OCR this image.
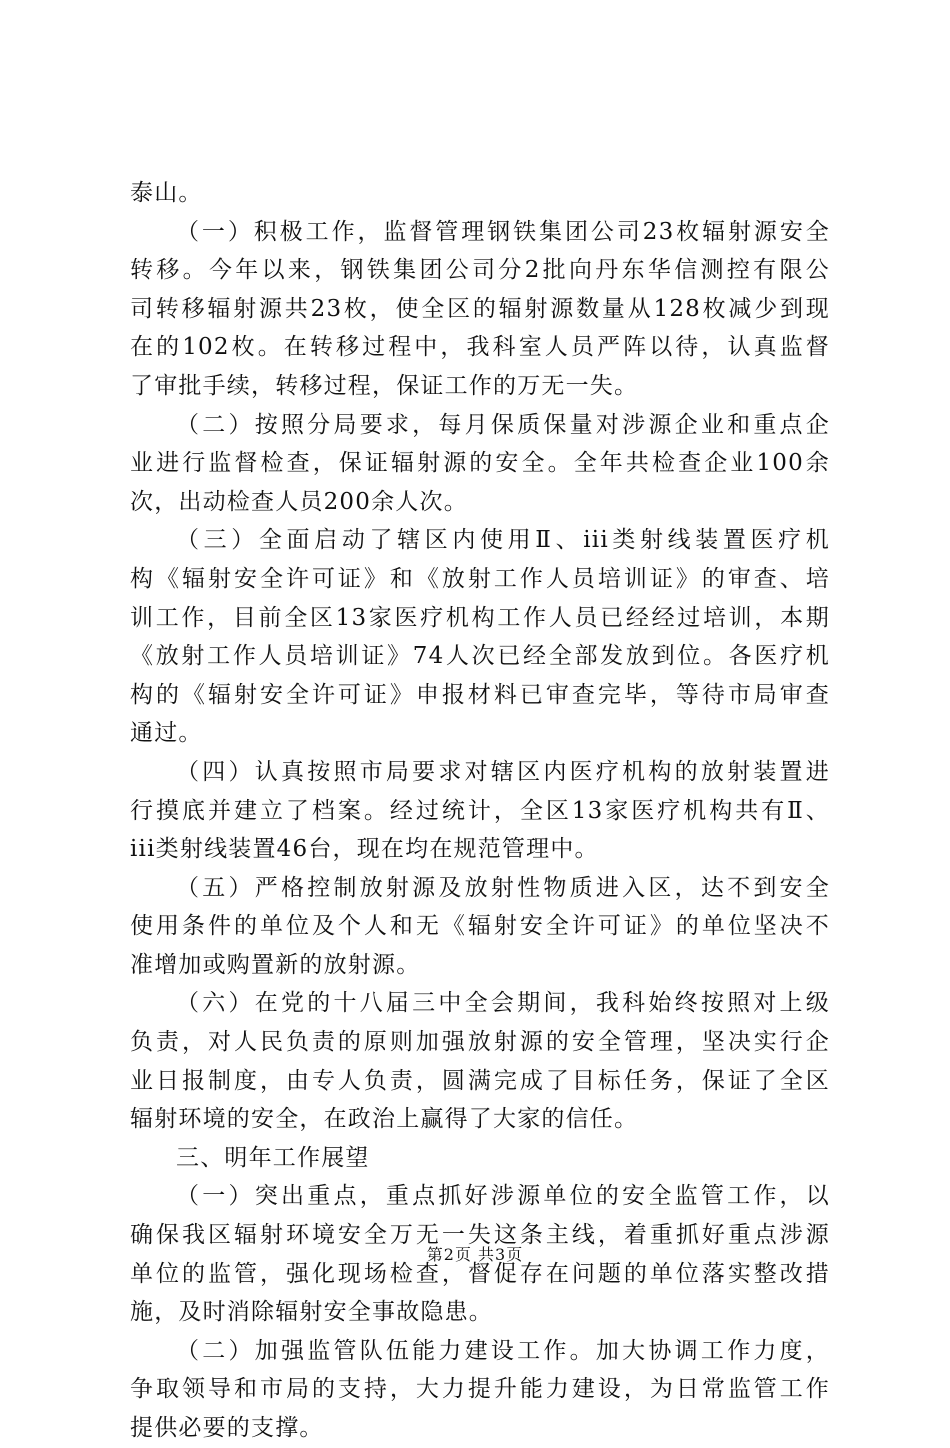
泰山。
（一）积极工作，监督管理钢铁集团公司23枚辐射源安全
转移。今年以来，钢铁集团公司分2批向丹东华信测控有限公
司转移辐射源共23枚，使全区的辐射源数量从128枚减少到现
在的102枚。在转移过程中，我科室人员严阵以待，认真监督
了审批手续，转移过程，保证工作的万无一失。
（二）按照分局要求，每月保质保量对涉源企业和重点企
业进行监督检查，保证辐射源的安全。全年共检查企业100余
次，出动检查人员200余人次。
（三）全面启动了辖区内使用Ⅱ、iii类射线装置医疗机
构《辐射安全许可证》和《放射工作人员培训证》的审查、培
训工作，目前全区13家医疗机构工作人员已经经过培训，本期
《放射工作人员培训证》74人次已经全部发放到位。各医疗机
构的《辐射安全许可证》申报材料已审查完毕，等待市局审查
通过。
（四）认真按照市局要求对辖区内医疗机构的放射装置进
行摸底并建立了档案。经过统计，全区13家医疗机构共有Ⅱ、
iii类射线装置46台，现在均在规范管理中。
（五）严格控制放射源及放射性物质进入区，达不到安全
使用条件的单位及个人和无《辐射安全许可证》的单位坚决不
准增加或购置新的放射源。
（六）在党的十八届三中全会期间，我科始终按照对上级
负责，对人民负责的原则加强放射源的安全管理，坚决实行企
业日报制度，由专人负责，圆满完成了目标任务，保证了全区
辐射环境的安全，在政治上赢得了大家的信任。
三、明年工作展望
（一）突出重点，重点抓好涉源单位的安全监管工作，以
确保我区辐射环境安全万无一失这条主线，着重抓好重点涉源
单位的监管，强化现场检查，督促存在问题的单位落实整改措
施，及时消除辐射安全事故隐患。
（二）加强监管队伍能力建设工作。加大协调工作力度，
争取领导和市局的支持，大力提升能力建设，为日常监管工作
提供必要的支撑。
第2页 共3页
